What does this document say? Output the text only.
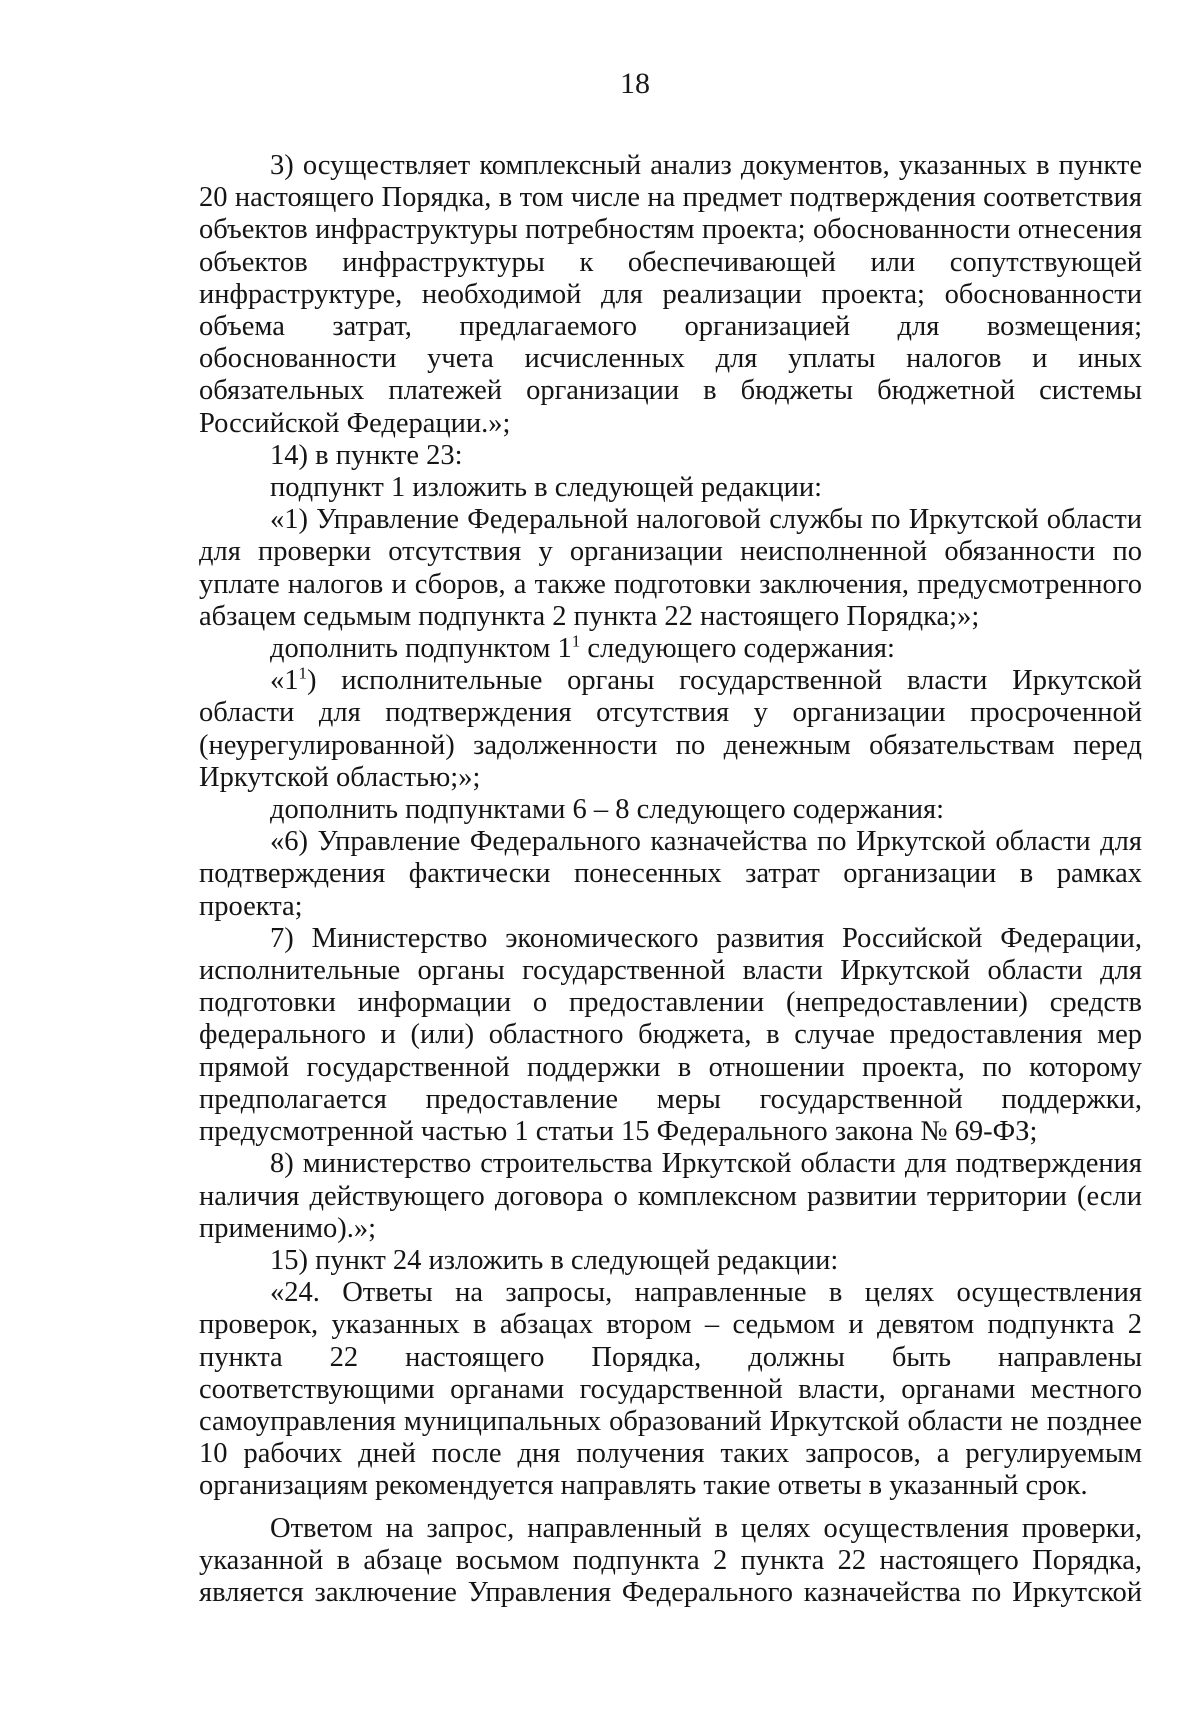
18

3) осуществляет комплексный анализ документов, указанных в пункте 20 настоящего Порядка, в том числе на предмет подтверждения соответствия объектов инфраструктуры потребностям проекта; обоснованности отнесения объектов инфраструктуры к обеспечивающей или сопутствующей инфраструктуре, необходимой для реализации проекта; обоснованности объема затрат, предлагаемого организацией для возмещения; обоснованности учета исчисленных для уплаты налогов и иных обязательных платежей организации в бюджеты бюджетной системы Российской Федерации.»;

14) в пункте 23:

подпункт 1 изложить в следующей редакции:

«1) Управление Федеральной налоговой службы по Иркутской области для проверки отсутствия у организации неисполненной обязанности по уплате налогов и сборов, а также подготовки заключения, предусмотренного абзацем седьмым подпункта 2 пункта 22 настоящего Порядка;»;

дополнить подпунктом $1^1$ следующего содержания:

«$1^1$) исполнительные органы государственной власти Иркутской области для подтверждения отсутствия у организации просроченной (неурегулированной) задолженности по денежным обязательствам перед Иркутской областью;»;

дополнить подпунктами 6 – 8 следующего содержания:

«6) Управление Федерального казначейства по Иркутской области для подтверждения фактически понесенных затрат организации в рамках проекта;

7) Министерство экономического развития Российской Федерации, исполнительные органы государственной власти Иркутской области для подготовки информации о предоставлении (непредоставлении) средств федерального и (или) областного бюджета, в случае предоставления мер прямой государственной поддержки в отношении проекта, по которому предполагается предоставление меры государственной поддержки, предусмотренной частью 1 статьи 15 Федерального закона № 69-ФЗ;

8) министерство строительства Иркутской области для подтверждения наличия действующего договора о комплексном развитии территории (если применимо).»;

15) пункт 24 изложить в следующей редакции:

«24. Ответы на запросы, направленные в целях осуществления проверок, указанных в абзацах втором – седьмом и девятом подпункта 2 пункта 22 настоящего Порядка, должны быть направлены соответствующими органами государственной власти, органами местного самоуправления муниципальных образований Иркутской области не позднее 10 рабочих дней после дня получения таких запросов, а регулируемым организациям рекомендуется направлять такие ответы в указанный срок.

Ответом на запрос, направленный в целях осуществления проверки, указанной в абзаце восьмом подпункта 2 пункта 22 настоящего Порядка, является заключение Управления Федерального казначейства по Иркутской
